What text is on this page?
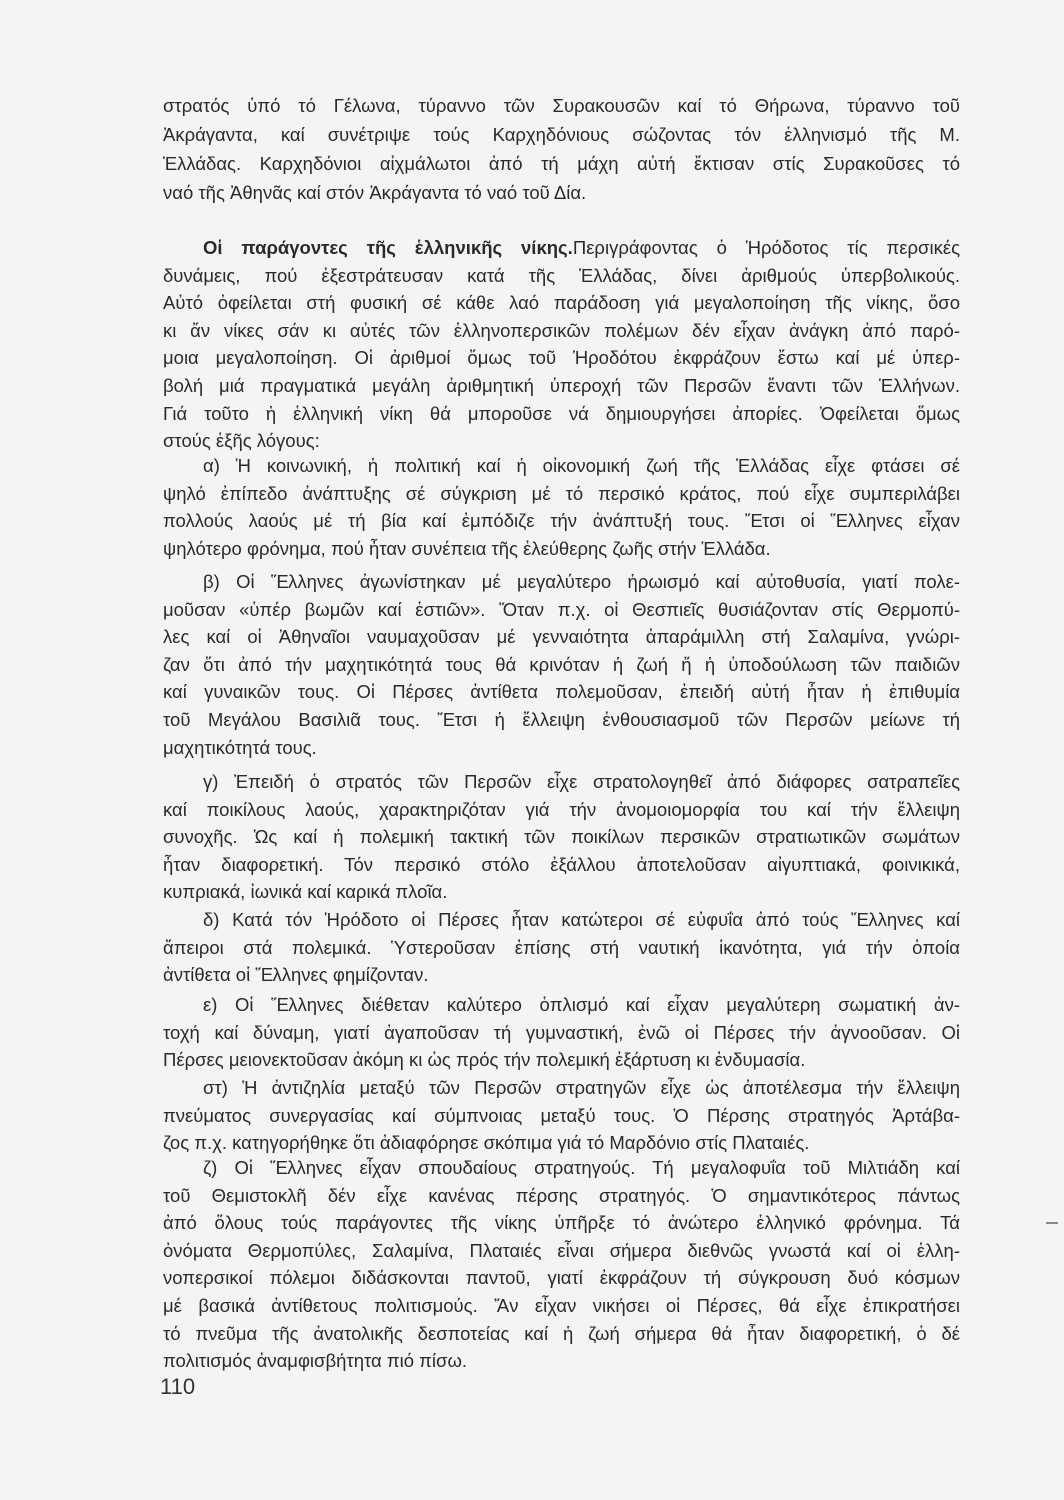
στρατός ὑπό τό Γέλωνα, τύραννο τῶν Συρακουσῶν καί τό Θήρωνα, τύραννο τοῦ
Ἀκράγαντα, καί συνέτριψε τούς Καρχηδόνιους σώζοντας τόν ἑλληνισμό τῆς Μ.
Ἑλλάδας. Καρχηδόνιοι αἰχμάλωτοι ἀπό τή μάχη αὐτή ἔκτισαν στίς Συρακοῦσες τό
ναό τῆς Ἀθηνᾶς καί στόν Ἀκράγαντα τό ναό τοῦ Δία.
Οἱ παράγοντες τῆς ἑλληνικῆς νίκης.Περιγράφοντας ὁ Ἡρόδοτος τίς περσικές
δυνάμεις, πού ἐξεστράτευσαν κατά τῆς Ἑλλάδας, δίνει ἀριθμούς ὑπερβολικούς.
Αὐτό ὀφείλεται στή φυσική σέ κάθε λαό παράδοση γιά μεγαλοποίηση τῆς νίκης, ὅσο
κι ἄν νίκες σάν κι αὐτές τῶν ἑλληνοπερσικῶν πολέμων δέν εἶχαν ἀνάγκη ἀπό παρό-
μοια μεγαλοποίηση. Οἱ ἀριθμοί ὅμως τοῦ Ἡροδότου ἐκφράζουν ἔστω καί μέ ὑπερ-
βολή μιά πραγματικά μεγάλη ἀριθμητική ὑπεροχή τῶν Περσῶν ἔναντι τῶν Ἑλλήνων.
Γιά τοῦτο ἡ ἑλληνική νίκη θά μποροῦσε νά δημιουργήσει ἀπορίες. Ὀφείλεται ὅμως
στούς ἑξῆς λόγους:
α) Ἡ κοινωνική, ἡ πολιτική καί ἡ οἰκονομική ζωή τῆς Ἑλλάδας εἶχε φτάσει σέ
ψηλό ἐπίπεδο ἀνάπτυξης σέ σύγκριση μέ τό περσικό κράτος, πού εἶχε συμπεριλάβει
πολλούς λαούς μέ τή βία καί ἐμπόδιζε τήν ἀνάπτυξή τους. Ἔτσι οἱ Ἕλληνες εἶχαν
ψηλότερο φρόνημα, πού ἦταν συνέπεια τῆς ἐλεύθερης ζωῆς στήν Ἑλλάδα.
β) Οἱ Ἕλληνες ἀγωνίστηκαν μέ μεγαλύτερο ἡρωισμό καί αὐτοθυσία, γιατί πολε-
μοῦσαν «ὑπέρ βωμῶν καί ἑστιῶν». Ὅταν π.χ. οἱ Θεσπιεῖς θυσιάζονταν στίς Θερμοπύ-
λες καί οἱ Ἀθηναῖοι ναυμαχοῦσαν μέ γενναιότητα ἀπαράμιλλη στή Σαλαμίνα, γνώρι-
ζαν ὅτι ἀπό τήν μαχητικότητά τους θά κρινόταν ἡ ζωή ἤ ἡ ὑποδούλωση τῶν παιδιῶν
καί γυναικῶν τους. Οἱ Πέρσες ἀντίθετα πολεμοῦσαν, ἐπειδή αὐτή ἦταν ἡ ἐπιθυμία
τοῦ Μεγάλου Βασιλιᾶ τους. Ἔτσι ἡ ἔλλειψη ἐνθουσιασμοῦ τῶν Περσῶν μείωνε τή
μαχητικότητά τους.
γ) Ἐπειδή ὁ στρατός τῶν Περσῶν εἶχε στρατολογηθεῖ ἀπό διάφορες σατραπεῖες
καί ποικίλους λαούς, χαρακτηριζόταν γιά τήν ἀνομοιομορφία του καί τήν ἔλλειψη
συνοχῆς. Ὡς καί ἡ πολεμική τακτική τῶν ποικίλων περσικῶν στρατιωτικῶν σωμάτων
ἦταν διαφορετική. Τόν περσικό στόλο ἐξάλλου ἀποτελοῦσαν αἰγυπτιακά, φοινικικά,
κυπριακά, ἰωνικά καί καρικά πλοῖα.
δ) Κατά τόν Ἡρόδοτο οἱ Πέρσες ἦταν κατώτεροι σέ εὐφυΐα ἀπό τούς Ἕλληνες καί
ἄπειροι στά πολεμικά. Ὑστεροῦσαν ἐπίσης στή ναυτική ἱκανότητα, γιά τήν ὁποία
ἀντίθετα οἱ Ἕλληνες φημίζονταν.
ε) Οἱ Ἕλληνες διέθεταν καλύτερο ὁπλισμό καί εἶχαν μεγαλύτερη σωματική ἀν-
τοχή καί δύναμη, γιατί ἀγαποῦσαν τή γυμναστική, ἐνῶ οἱ Πέρσες τήν ἀγνοοῦσαν. Οἱ
Πέρσες μειονεκτοῦσαν ἀκόμη κι ὡς πρός τήν πολεμική ἐξάρτυση κι ἐνδυμασία.
στ) Ἡ ἀντιζηλία μεταξύ τῶν Περσῶν στρατηγῶν εἶχε ὡς ἀποτέλεσμα τήν ἔλλειψη
πνεύματος συνεργασίας καί σύμπνοιας μεταξύ τους. Ὁ Πέρσης στρατηγός Ἀρτάβα-
ζος π.χ. κατηγορήθηκε ὅτι ἀδιαφόρησε σκόπιμα γιά τό Μαρδόνιο στίς Πλαταιές.
ζ) Οἱ Ἕλληνες εἶχαν σπουδαίους στρατηγούς. Τή μεγαλοφυΐα τοῦ Μιλτιάδη καί
τοῦ Θεμιστοκλῆ δέν εἶχε κανένας πέρσης στρατηγός. Ὁ σημαντικότερος πάντως
ἀπό ὅλους τούς παράγοντες τῆς νίκης ὑπῆρξε τό ἀνώτερο ἑλληνικό φρόνημα. Τά
ὀνόματα Θερμοπύλες, Σαλαμίνα, Πλαταιές εἶναι σήμερα διεθνῶς γνωστά καί οἱ ἑλλη-
νοπερσικοί πόλεμοι διδάσκονται παντοῦ, γιατί ἐκφράζουν τή σύγκρουση δυό κόσμων
μέ βασικά ἀντίθετους πολιτισμούς. Ἄν εἶχαν νικήσει οἱ Πέρσες, θά εἶχε ἐπικρατήσει
τό πνεῦμα τῆς ἀνατολικῆς δεσποτείας καί ἡ ζωή σήμερα θά ἦταν διαφορετική, ὁ δέ
πολιτισμός ἀναμφισβήτητα πιό πίσω.
110
